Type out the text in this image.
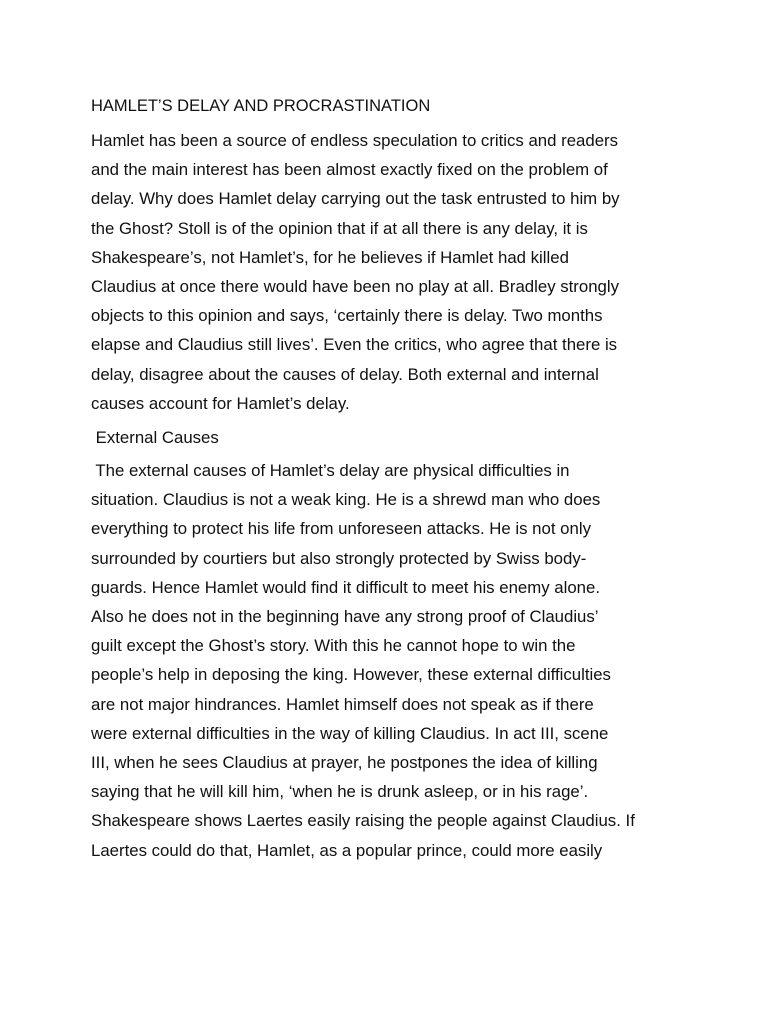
HAMLET’S DELAY AND PROCRASTINATION
Hamlet has been a source of endless speculation to critics and readers
and the main interest has been almost exactly fixed on the problem of
delay. Why does Hamlet delay carrying out the task entrusted to him by
the Ghost? Stoll is of the opinion that if at all there is any delay, it is
Shakespeare’s, not Hamlet’s, for he believes if Hamlet had killed
Claudius at once there would have been no play at all. Bradley strongly
objects to this opinion and says, ‘certainly there is delay. Two months
elapse and Claudius still lives’. Even the critics, who agree that there is
delay, disagree about the causes of delay. Both external and internal
causes account for Hamlet’s delay.
External Causes
The external causes of Hamlet’s delay are physical difficulties in
situation. Claudius is not a weak king. He is a shrewd man who does
everything to protect his life from unforeseen attacks. He is not only
surrounded by courtiers but also strongly protected by Swiss body-
guards. Hence Hamlet would find it difficult to meet his enemy alone.
Also he does not in the beginning have any strong proof of Claudius’
guilt except the Ghost’s story. With this he cannot hope to win the
people’s help in deposing the king. However, these external difficulties
are not major hindrances. Hamlet himself does not speak as if there
were external difficulties in the way of killing Claudius. In act III, scene
III, when he sees Claudius at prayer, he postpones the idea of killing
saying that he will kill him, ‘when he is drunk asleep, or in his rage’.
Shakespeare shows Laertes easily raising the people against Claudius. If
Laertes could do that, Hamlet, as a popular prince, could more easily
